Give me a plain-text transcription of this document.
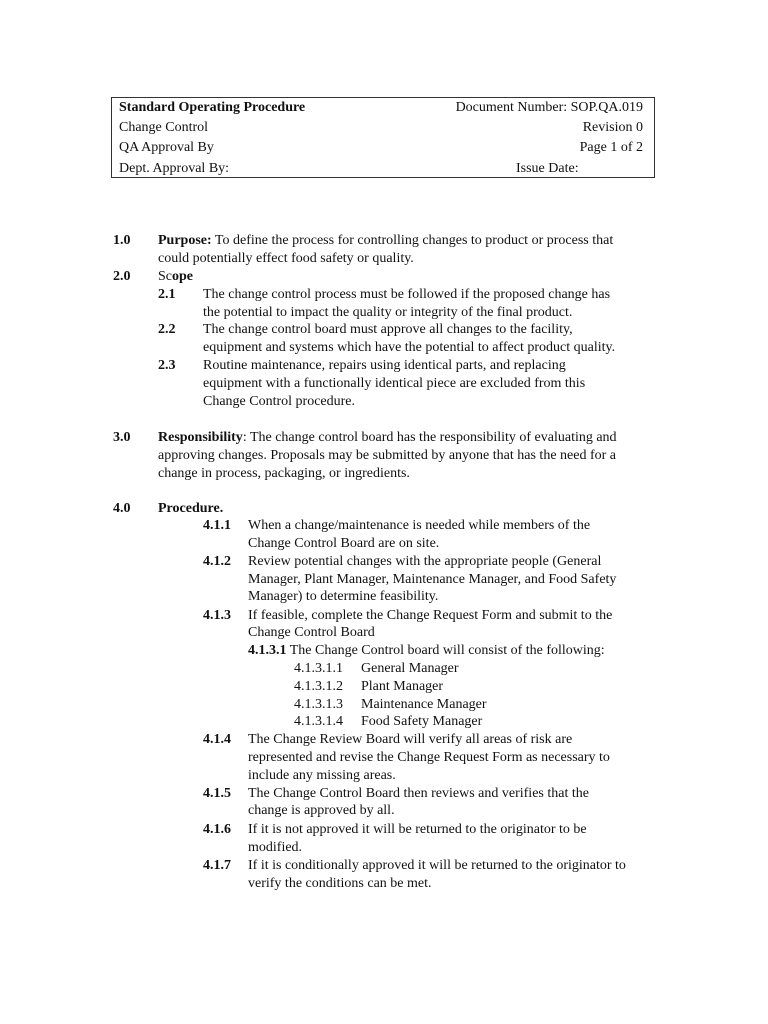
Standard Operating Procedure	Document Number: SOP.QA.019
Change Control	Revision 0
QA Approval By	Page 1 of 2
Dept. Approval By:	Issue Date:
1.0 Purpose: To define the process for controlling changes to product or process that
could potentially effect food safety or quality.
2.0 Scope
2.1 The change control process must be followed if the proposed change has
the potential to impact the quality or integrity of the final product.
2.2 The change control board must approve all changes to the facility,
equipment and systems which have the potential to affect product quality.
2.3 Routine maintenance, repairs using identical parts, and replacing
equipment with a functionally identical piece are excluded from this
Change Control procedure.
3.0 Responsibility: The change control board has the responsibility of evaluating and
approving changes. Proposals may be submitted by anyone that has the need for a
change in process, packaging, or ingredients.
4.0 Procedure.
4.1.1 When a change/maintenance is needed while members of the
Change Control Board are on site.
4.1.2 Review potential changes with the appropriate people (General
Manager, Plant Manager, Maintenance Manager, and Food Safety
Manager) to determine feasibility.
4.1.3 If feasible, complete the Change Request Form and submit to the
Change Control Board
4.1.3.1 The Change Control board will consist of the following:
4.1.3.1.1 General Manager
4.1.3.1.2 Plant Manager
4.1.3.1.3 Maintenance Manager
4.1.3.1.4 Food Safety Manager
4.1.4 The Change Review Board will verify all areas of risk are
represented and revise the Change Request Form as necessary to
include any missing areas.
4.1.5 The Change Control Board then reviews and verifies that the
change is approved by all.
4.1.6 If it is not approved it will be returned to the originator to be
modified.
4.1.7 If it is conditionally approved it will be returned to the originator to
verify the conditions can be met.
